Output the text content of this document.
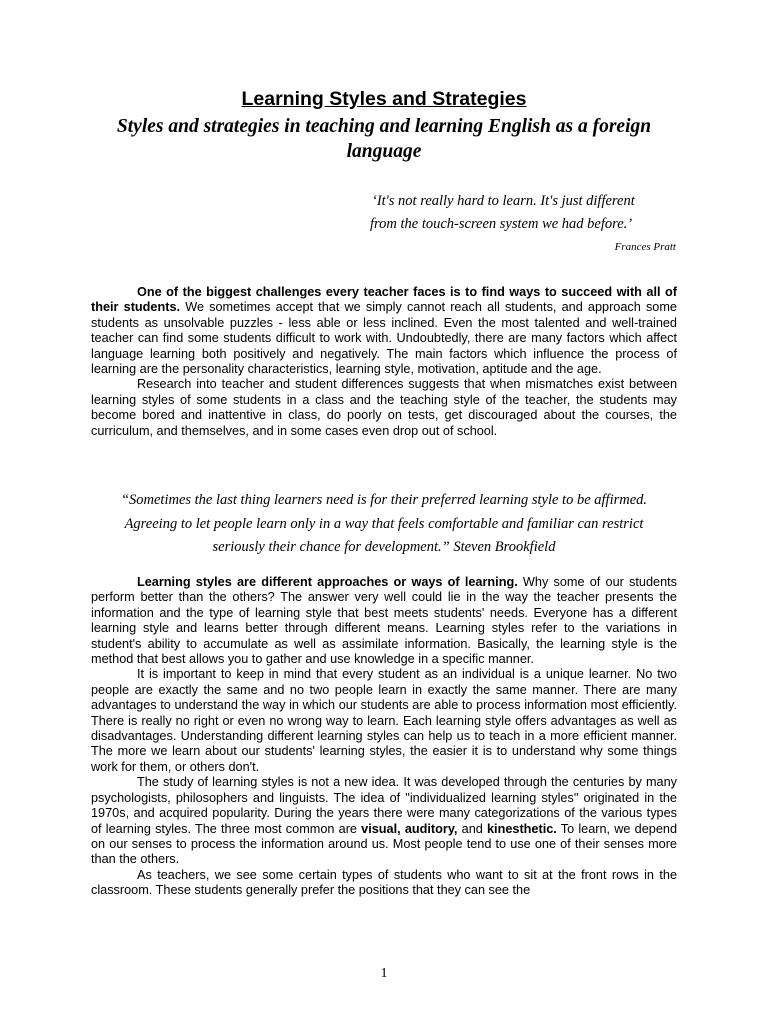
Learning Styles and Strategies
Styles and strategies in teaching and learning English as a foreign language
‘It's not really hard to learn. It's just different
from the touch-screen system we had before.’
Frances Pratt

One of the biggest challenges every teacher faces is to find ways to succeed with all of their students. We sometimes accept that we simply cannot reach all students, and approach some students as unsolvable puzzles - less able or less inclined. Even the most talented and well-trained teacher can find some students difficult to work with. Undoubtedly, there are many factors which affect language learning both positively and negatively. The main factors which influence the process of learning are the personality characteristics, learning style, motivation, aptitude and the age.

Research into teacher and student differences suggests that when mismatches exist between learning styles of some students in a class and the teaching style of the teacher, the students may become bored and inattentive in class, do poorly on tests, get discouraged about the courses, the curriculum, and themselves, and in some cases even drop out of school.

“Sometimes the last thing learners need is for their preferred learning style to be affirmed.
Agreeing to let people learn only in a way that feels comfortable and familiar can restrict
seriously their chance for development.” Steven Brookfield

Learning styles are different approaches or ways of learning. Why some of our students perform better than the others? The answer very well could lie in the way the teacher presents the information and the type of learning style that best meets students' needs. Everyone has a different learning style and learns better through different means. Learning styles refer to the variations in student's ability to accumulate as well as assimilate information. Basically, the learning style is the method that best allows you to gather and use knowledge in a specific manner.

It is important to keep in mind that every student as an individual is a unique learner. No two people are exactly the same and no two people learn in exactly the same manner. There are many advantages to understand the way in which our students are able to process information most efficiently. There is really no right or even no wrong way to learn. Each learning style offers advantages as well as disadvantages. Understanding different learning styles can help us to teach in a more efficient manner. The more we learn about our students' learning styles, the easier it is to understand why some things work for them, or others don't.

The study of learning styles is not a new idea. It was developed through the centuries by many psychologists, philosophers and linguists. The idea of "individualized learning styles" originated in the 1970s, and acquired popularity. During the years there were many categorizations of the various types of learning styles. The three most common are visual, auditory, and kinesthetic. To learn, we depend on our senses to process the information around us. Most people tend to use one of their senses more than the others.

As teachers, we see some certain types of students who want to sit at the front rows in the classroom. These students generally prefer the positions that they can see the

1
